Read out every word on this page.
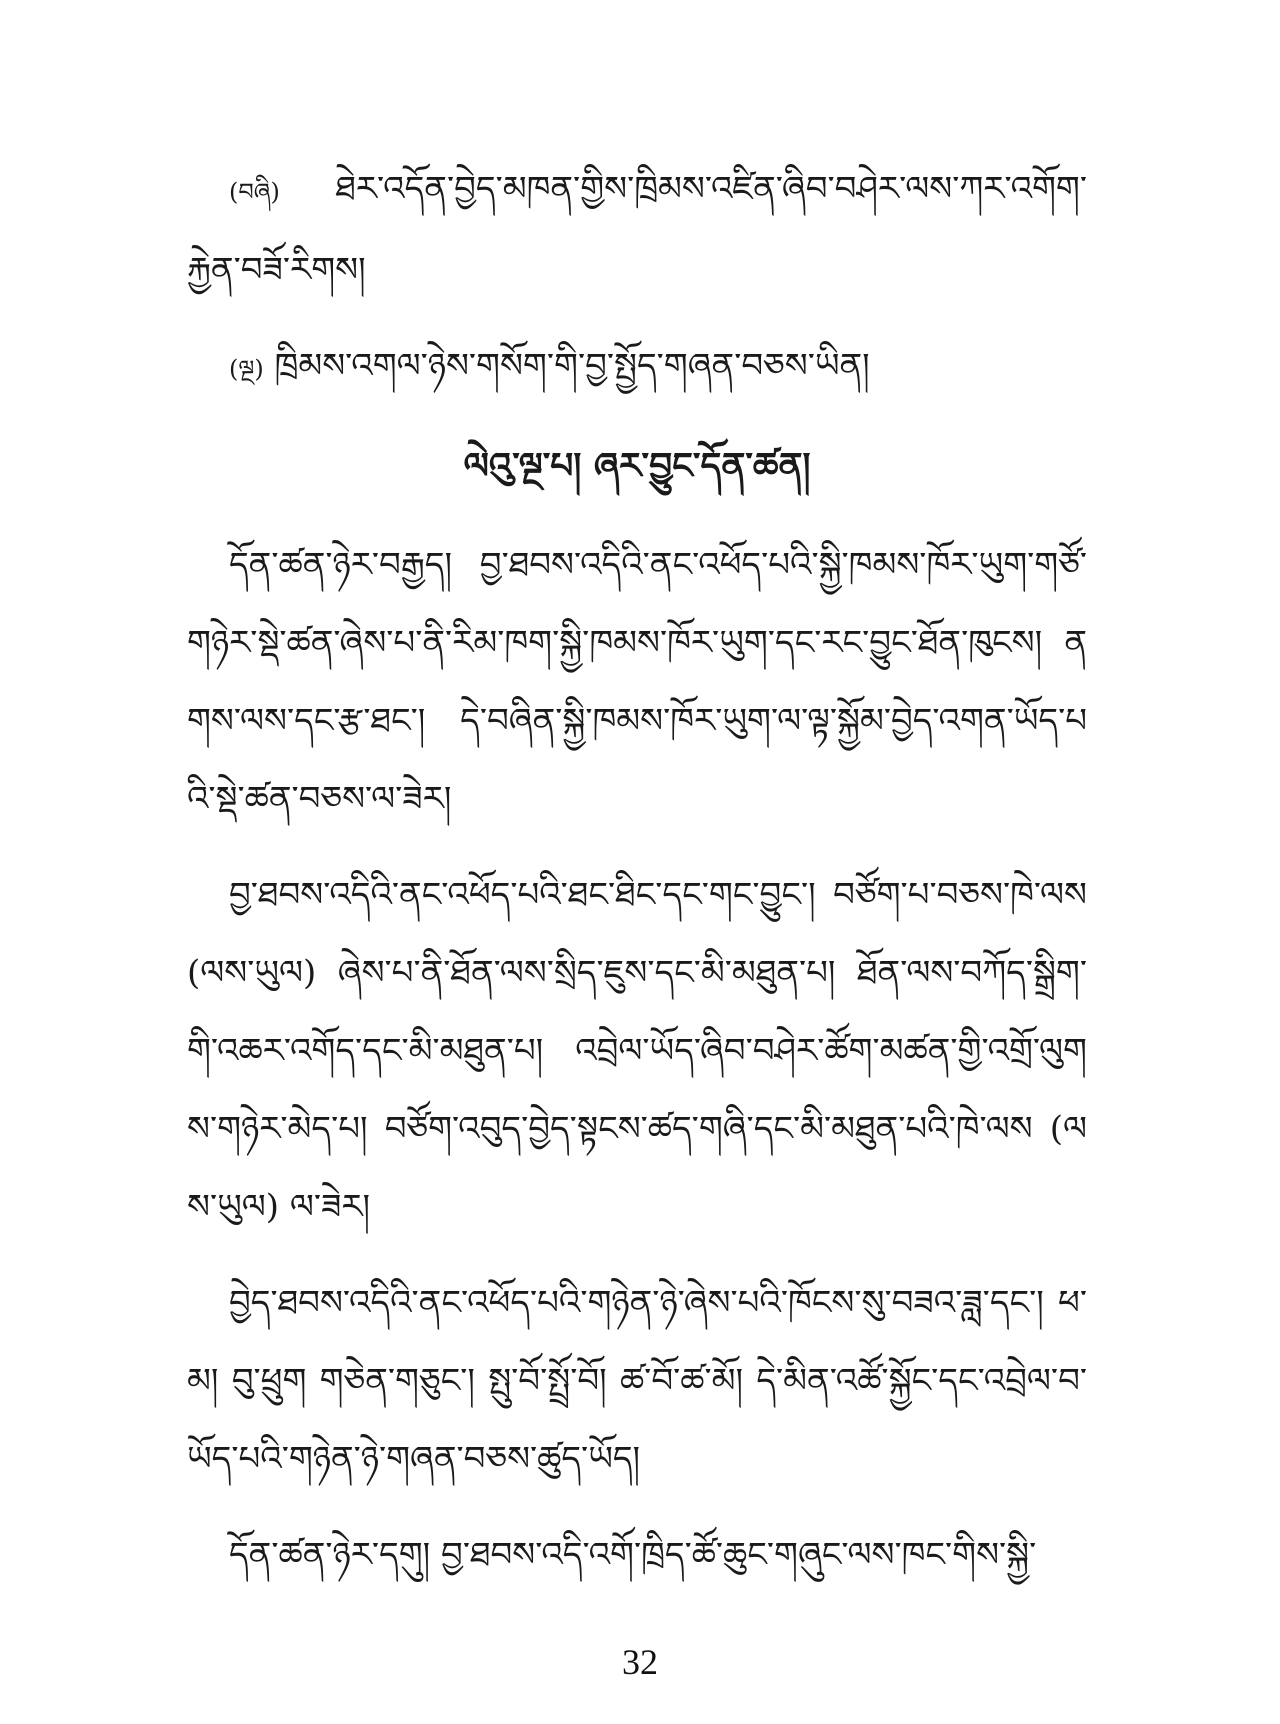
(བཞི) ཐེར་འདོན་བྱེད་མཁན་གྱིས་ཁྲིམས་འཛིན་ཞིབ་བཤེར་ལས་ཀར་འགོག་རྐྱེན་བཟོ་རིགས།

(ལྔ) ཁྲིམས་འགལ་ཉེས་གསོག་གི་བྱ་སྤྱོད་གཞན་བཅས་ཡིན།

ལེའུ་ལྔ་པ། ཞར་བྱུང་དོན་ཚན།

དོན་ཚན་ཉེར་བརྒྱད། བྱ་ཐབས་འདིའི་ནང་འཕོད་པའི་སྐྱི་ཁམས་ཁོར་ཡུག་གཙོ་གཉེར་སྡེ་ཚན་ཞེས་པ་ནི་རིམ་ཁག་སྐྱི་ཁམས་ཁོར་ཡུག་དང་རང་བྱུང་ཐོན་ཁུངས། ནགས་ལས་དང་རྩ་ཐང་། དེ་བཞིན་སྐྱི་ཁམས་ཁོར་ཡུག་ལ་ལྟ་སྐྱོམ་བྱེད་འགན་ཡོད་པའི་སྡེ་ཚན་བཅས་ལ་ཟེར།

བྱ་ཐབས་འདིའི་ནང་འཕོད་པའི་ཐང་ཐིང་དང་གང་བྱུང་། བཙོག་པ་བཅས་ཁེ་ལས (ལས་ཡུལ) ཞེས་པ་ནི་ཐོན་ལས་སྲིད་ཇུས་དང་མི་མཐུན་པ། ཐོན་ལས་བཀོད་སྒྲིག་གི་འཆར་འགོད་དང་མི་མཐུན་པ། འབྲེལ་ཡོད་ཞིབ་བཤེར་ཚོག་མཚན་གྱི་འགྲོ་ལུགས་གཉེར་མེད་པ། བཙོག་འབུད་བྱེད་སྟངས་ཚད་གཞི་དང་མི་མཐུན་པའི་ཁེ་ལས (ལས་ཡུལ) ལ་ཟེར།

བྱེད་ཐབས་འདིའི་ནང་འཕོད་པའི་གཉེན་ཉེ་ཞེས་པའི་ཁོངས་སུ་བཟའ་ཟླ་དང་། ཕ་མ། བུ་ཕྲུག གཅེན་གཅུང་། སྤུ་བོ་སྤྲོ་བོ། ཚ་བོ་ཚ་མོ། དེ་མིན་འཚོ་སྐྱོང་དང་འབྲེལ་བ་ཡོད་པའི་གཉེན་ཉེ་གཞན་བཅས་ཚུད་ཡོད།

དོན་ཚན་ཉེར་དགུ། བྱ་ཐབས་འདི་འགོ་ཁྲིད་ཚོ་ཆུང་གཞུང་ལས་ཁང་གིས་སྐྱི་

32
